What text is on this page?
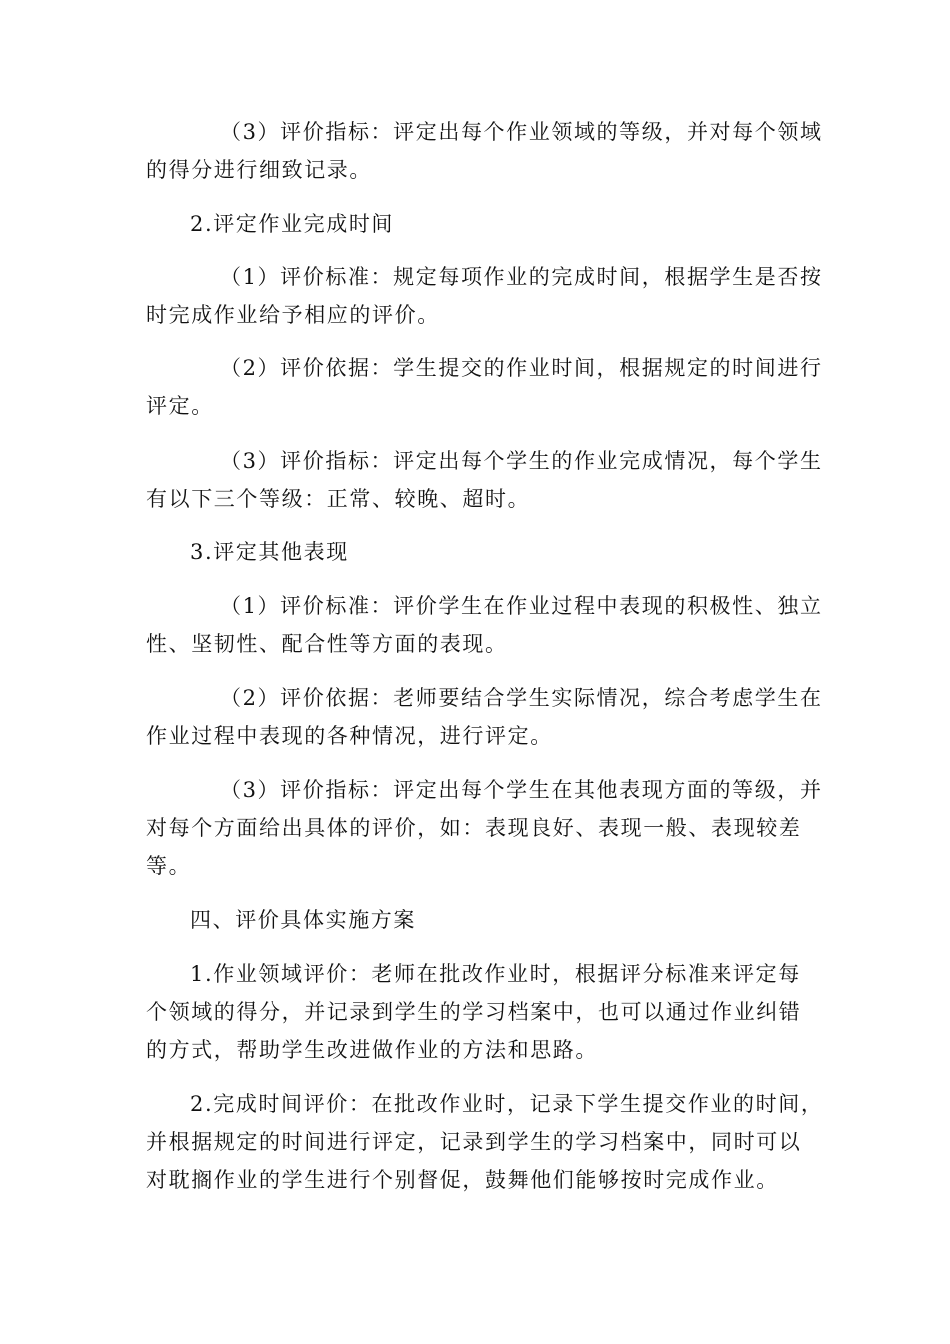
（3）评价指标：评定出每个作业领域的等级，并对每个领域
的得分进行细致记录。
2.评定作业完成时间
（1）评价标准：规定每项作业的完成时间，根据学生是否按
时完成作业给予相应的评价。
（2）评价依据：学生提交的作业时间，根据规定的时间进行
评定。
（3）评价指标：评定出每个学生的作业完成情况，每个学生
有以下三个等级：正常、较晚、超时。
3.评定其他表现
（1）评价标准：评价学生在作业过程中表现的积极性、独立
性、坚韧性、配合性等方面的表现。
（2）评价依据：老师要结合学生实际情况，综合考虑学生在
作业过程中表现的各种情况，进行评定。
（3）评价指标：评定出每个学生在其他表现方面的等级，并
对每个方面给出具体的评价，如：表现良好、表现一般、表现较差
等。
四、评价具体实施方案
1.作业领域评价：老师在批改作业时，根据评分标准来评定每
个领域的得分，并记录到学生的学习档案中，也可以通过作业纠错
的方式，帮助学生改进做作业的方法和思路。
2.完成时间评价：在批改作业时，记录下学生提交作业的时间，
并根据规定的时间进行评定，记录到学生的学习档案中，同时可以
对耽搁作业的学生进行个别督促，鼓舞他们能够按时完成作业。
